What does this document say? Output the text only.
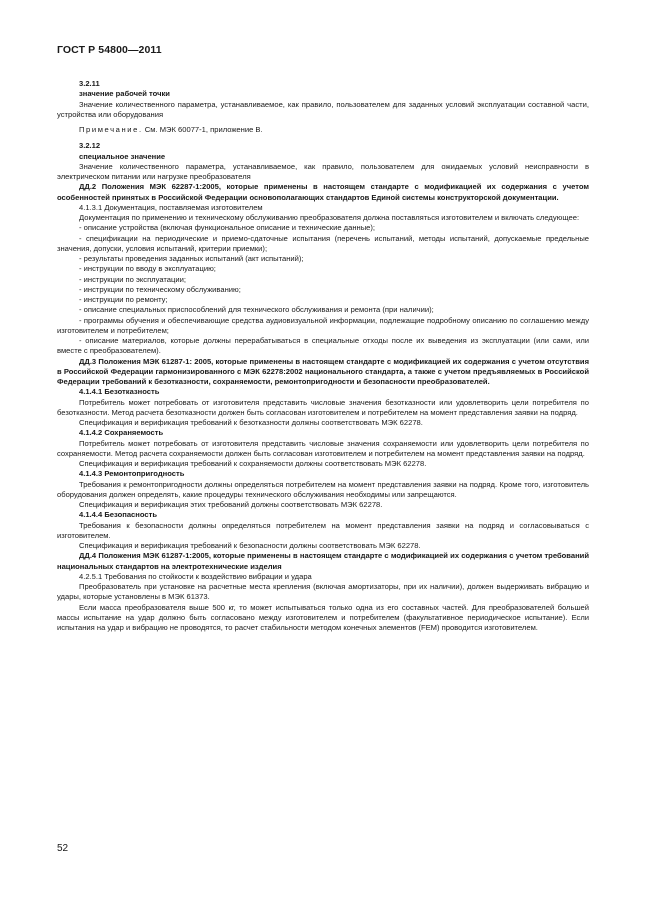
ГОСТ Р 54800—2011

3.2.11

значение рабочей точки

Значение количественного параметра, устанавливаемое, как правило, пользователем для заданных условий эксплуатации составной части, устройства или оборудования

Примечание. См. МЭК 60077-1, приложение В.

3.2.12

специальное значение

Значение количественного параметра, устанавливаемое, как правило, пользователем для ожидаемых условий неисправности в электрическом питании или нагрузке преобразователя

ДД.2 Положения МЭК 62287-1:2005, которые применены в настоящем стандарте с модификацией их содержания с учетом особенностей принятых в Российской Федерации основополагающих стандартов Единой системы конструкторской документации.

4.1.3.1 Документация, поставляемая изготовителем

Документация по применению и техническому обслуживанию преобразователя должна поставляться изготовителем и включать следующее:

- описание устройства (включая функциональное описание и технические данные);

- спецификации на периодические и приемо-сдаточные испытания (перечень испытаний, методы испытаний, допускаемые предельные значения, допуски, условия испытаний, критерии приемки);

- результаты проведения заданных испытаний (акт испытаний);

- инструкции по вводу в эксплуатацию;

- инструкции по эксплуатации;

- инструкции по техническому обслуживанию;

- инструкции по ремонту;

- описание специальных приспособлений для технического обслуживания и ремонта (при наличии);

- программы обучения и обеспечивающие средства аудиовизуальной информации, подлежащие подробному описанию по соглашению между изготовителем и потребителем;

- описание материалов, которые должны перерабатываться в специальные отходы после их выведения из эксплуатации (или сами, или вместе с преобразователем).

ДД.3 Положения МЭК 61287-1: 2005, которые применены в настоящем стандарте с модификацией их содержания с учетом отсутствия в Российской Федерации гармонизированного с МЭК 62278:2002 национального стандарта, а также с учетом предъявляемых в Российской Федерации требований к безотказности, сохраняемости, ремонтопригодности и безопасности преобразователей.

4.1.4.1 Безотказность

Потребитель может потребовать от изготовителя представить числовые значения безотказности или удовлетворить цели потребителя по безотказности. Метод расчета безотказности должен быть согласован изготовителем и потребителем на момент представления заявки на подряд.

Спецификация и верификация требований к безотказности должны соответствовать МЭК 62278.

4.1.4.2 Сохраняемость

Потребитель может потребовать от изготовителя представить числовые значения сохраняемости или удовлетворить цели потребителя по сохраняемости. Метод расчета сохраняемости должен быть согласован изготовителем и потребителем на момент представления заявки на подряд.

Спецификация и верификация требований к сохраняемости должны соответствовать МЭК 62278.

4.1.4.3 Ремонтопригодность

Требования к ремонтопригодности должны определяться потребителем на момент представления заявки на подряд. Кроме того, изготовитель оборудования должен определять, какие процедуры технического обслуживания необходимы или запрещаются.

Спецификация и верификация этих требований должны соответствовать МЭК 62278.

4.1.4.4 Безопасность

Требования к безопасности должны определяться потребителем на момент представления заявки на подряд и согласовываться с изготовителем.

Спецификация и верификация требований к безопасности должны соответствовать МЭК 62278.

ДД.4 Положения МЭК 61287-1:2005, которые применены в настоящем стандарте с модификацией их содержания с учетом требований национальных стандартов на электротехнические изделия

4.2.5.1 Требования по стойкости к воздействию вибрации и удара

Преобразователь при установке на расчетные места крепления (включая амортизаторы, при их наличии), должен выдерживать вибрацию и удары, которые установлены в МЭК 61373.

Если масса преобразователя выше 500 кг, то может испытываться только одна из его составных частей. Для преобразователей большей массы испытание на удар должно быть согласовано между изготовителем и потребителем (факультативное периодическое испытание). Если испытания на удар и вибрацию не проводятся, то расчет стабильности методом конечных элементов (FEM) проводится изготовителем.

52
